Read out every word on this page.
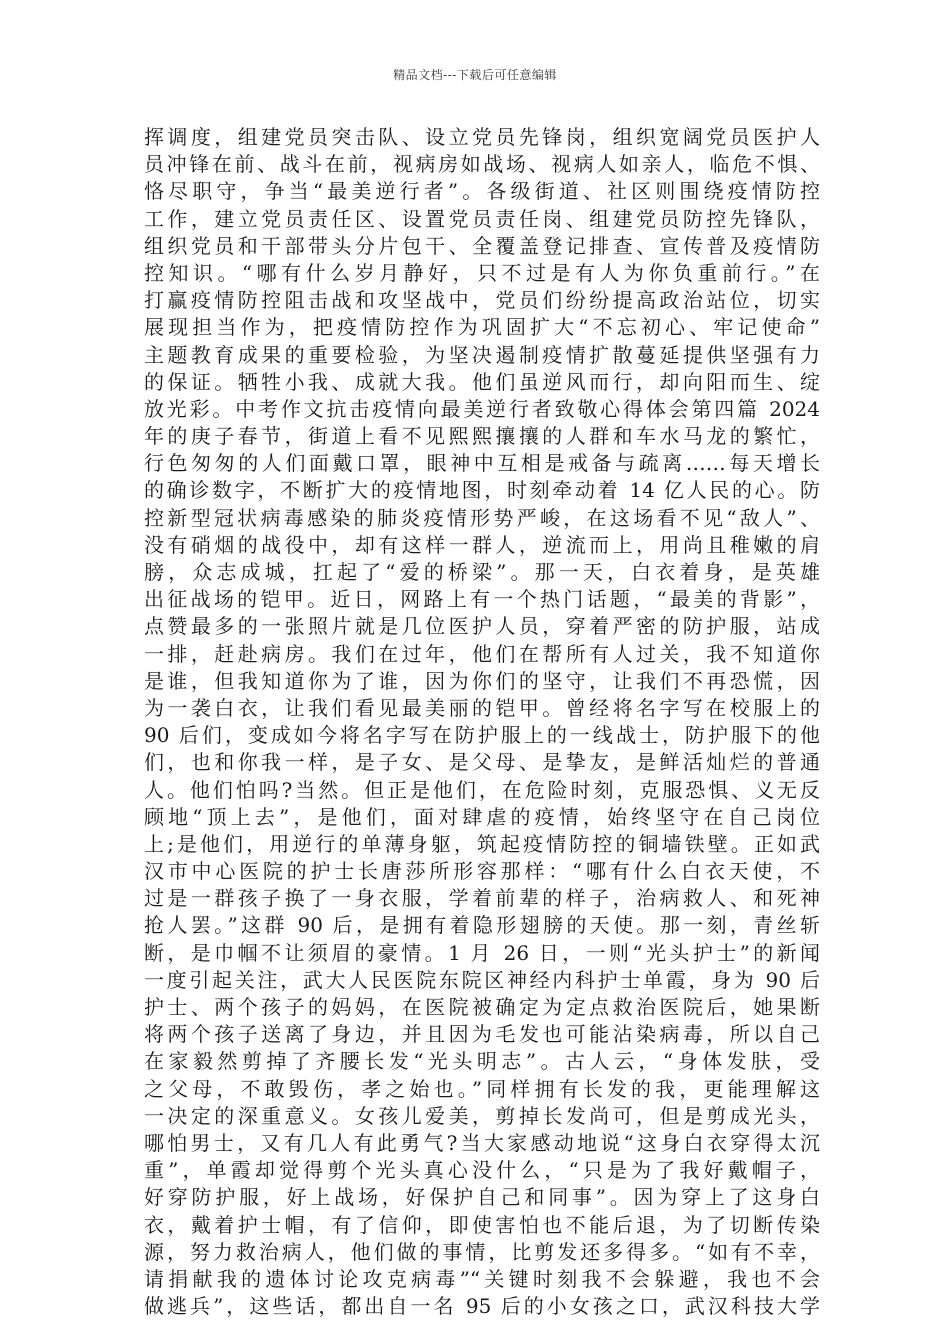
精品文档---下载后可任意编辑
挥调度，组建党员突击队、设立党员先锋岗，组织宽阔党员医护人
员冲锋在前、战斗在前，视病房如战场、视病人如亲人，临危不惧、
恪尽职守，争当“最美逆行者”。各级街道、社区则围绕疫情防控
工作，建立党员责任区、设置党员责任岗、组建党员防控先锋队，
组织党员和干部带头分片包干、全覆盖登记排查、宣传普及疫情防
控知识。“哪有什么岁月静好，只不过是有人为你负重前行。”在
打赢疫情防控阻击战和攻坚战中，党员们纷纷提高政治站位，切实
展现担当作为，把疫情防控作为巩固扩大“不忘初心、牢记使命”
主题教育成果的重要检验，为坚决遏制疫情扩散蔓延提供坚强有力
的保证。牺牲小我、成就大我。他们虽逆风而行，却向阳而生、绽
放光彩。中考作文抗击疫情向最美逆行者致敬心得体会第四篇 2024
年的庚子春节，街道上看不见熙熙攘攘的人群和车水马龙的繁忙，
行色匆匆的人们面戴口罩，眼神中互相是戒备与疏离……每天增长
的确诊数字，不断扩大的疫情地图，时刻牵动着 14 亿人民的心。防
控新型冠状病毒感染的肺炎疫情形势严峻，在这场看不见“敌人”、
没有硝烟的战役中，却有这样一群人，逆流而上，用尚且稚嫩的肩
膀，众志成城，扛起了“爱的桥梁”。那一天，白衣着身，是英雄
出征战场的铠甲。近日，网路上有一个热门话题，“最美的背影”，
点赞最多的一张照片就是几位医护人员，穿着严密的防护服，站成
一排，赶赴病房。我们在过年，他们在帮所有人过关，我不知道你
是谁，但我知道你为了谁，因为你们的坚守，让我们不再恐慌，因
为一袭白衣，让我们看见最美丽的铠甲。曾经将名字写在校服上的
90 后们，变成如今将名字写在防护服上的一线战士，防护服下的他
们，也和你我一样，是子女、是父母、是挚友，是鲜活灿烂的普通
人。他们怕吗?当然。但正是他们，在危险时刻，克服恐惧、义无反
顾地“顶上去”，是他们，面对肆虐的疫情，始终坚守在自己岗位
上;是他们，用逆行的单薄身躯，筑起疫情防控的铜墙铁壁。正如武
汉市中心医院的护士长唐莎所形容那样：“哪有什么白衣天使，不
过是一群孩子换了一身衣服，学着前辈的样子，治病救人、和死神
抢人罢。”这群 90 后，是拥有着隐形翅膀的天使。那一刻，青丝斩
断，是巾帼不让须眉的豪情。1 月 26 日，一则“光头护士”的新闻
一度引起关注，武大人民医院东院区神经内科护士单霞，身为 90 后
护士、两个孩子的妈妈，在医院被确定为定点救治医院后，她果断
将两个孩子送离了身边，并且因为毛发也可能沾染病毒，所以自己
在家毅然剪掉了齐腰长发“光头明志”。古人云，“身体发肤，受
之父母，不敢毁伤，孝之始也。”同样拥有长发的我，更能理解这
一决定的深重意义。女孩儿爱美，剪掉长发尚可，但是剪成光头，
哪怕男士，又有几人有此勇气?当大家感动地说“这身白衣穿得太沉
重”，单霞却觉得剪个光头真心没什么，“只是为了我好戴帽子，
好穿防护服，好上战场，好保护自己和同事”。因为穿上了这身白
衣，戴着护士帽，有了信仰，即使害怕也不能后退，为了切断传染
源，努力救治病人，他们做的事情，比剪发还多得多。“如有不幸，
请捐献我的遗体讨论攻克病毒”“关键时刻我不会躲避，我也不会
做逃兵”，这些话，都出自一名 95 后的小女孩之口，武汉科技大学
